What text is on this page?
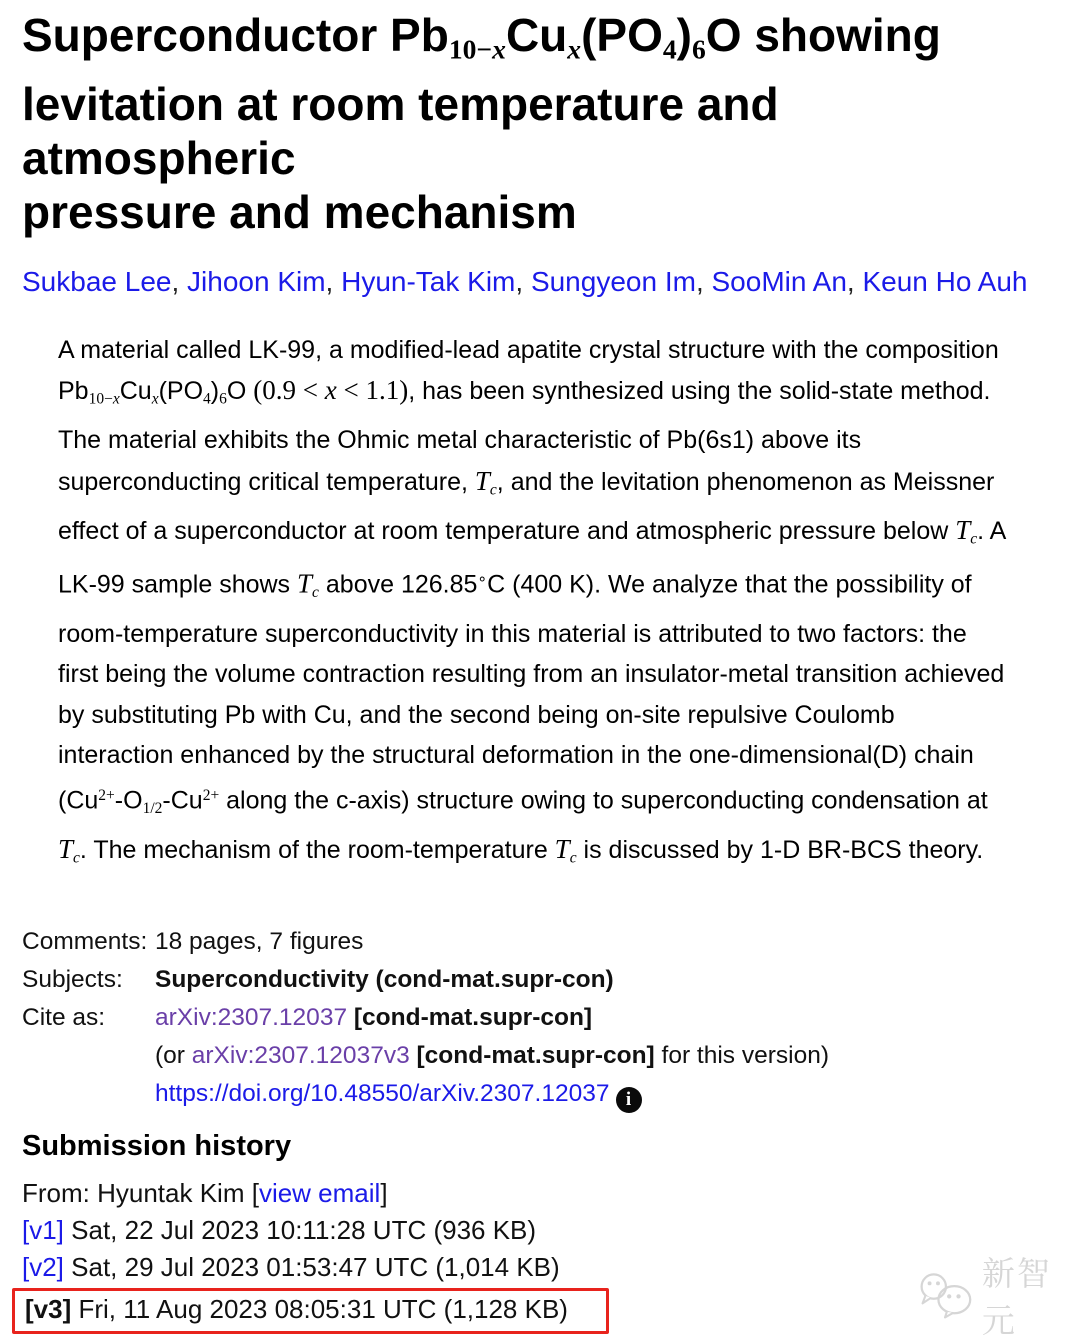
Superconductor Pb10−xCux(PO4)6O showing
levitation at room temperature and atmospheric
pressure and mechanism
Sukbae Lee, Jihoon Kim, Hyun-Tak Kim, Sungyeon Im, SooMin An, Keun Ho Auh
A material called LK-99, a modified-lead apatite crystal structure with the composition Pb10−xCux(PO4)6O (0.9 < x < 1.1), has been synthesized using the solid-state method. The material exhibits the Ohmic metal characteristic of Pb(6s1) above its superconducting critical temperature, Tc, and the levitation phenomenon as Meissner effect of a superconductor at room temperature and atmospheric pressure below Tc. A LK-99 sample shows Tc above 126.85∘C (400 K). We analyze that the possibility of room-temperature superconductivity in this material is attributed to two factors: the first being the volume contraction resulting from an insulator-metal transition achieved by substituting Pb with Cu, and the second being on-site repulsive Coulomb interaction enhanced by the structural deformation in the one-dimensional(D) chain ($Cu^{2+}-O1/2-Cu^{2+}$ along the c-axis) structure owing to superconducting condensation at Tc. The mechanism of the room-temperature Tc is discussed by 1-D BR-BCS theory.
Comments: 18 pages, 7 figures
Subjects:	Superconductivity (cond-mat.supr-con)
Cite as:	arXiv:2307.12037 [cond-mat.supr-con]
(or arXiv:2307.12037v3 [cond-mat.supr-con] for this version)
https://doi.org/10.48550/arXiv.2307.12037 i
Submission history
From: Hyuntak Kim [view email]
[v1] Sat, 22 Jul 2023 10:11:28 UTC (936 KB)
[v2] Sat, 29 Jul 2023 01:53:47 UTC (1,014 KB)
[v3] Fri, 11 Aug 2023 08:05:31 UTC (1,128 KB)
新智元
